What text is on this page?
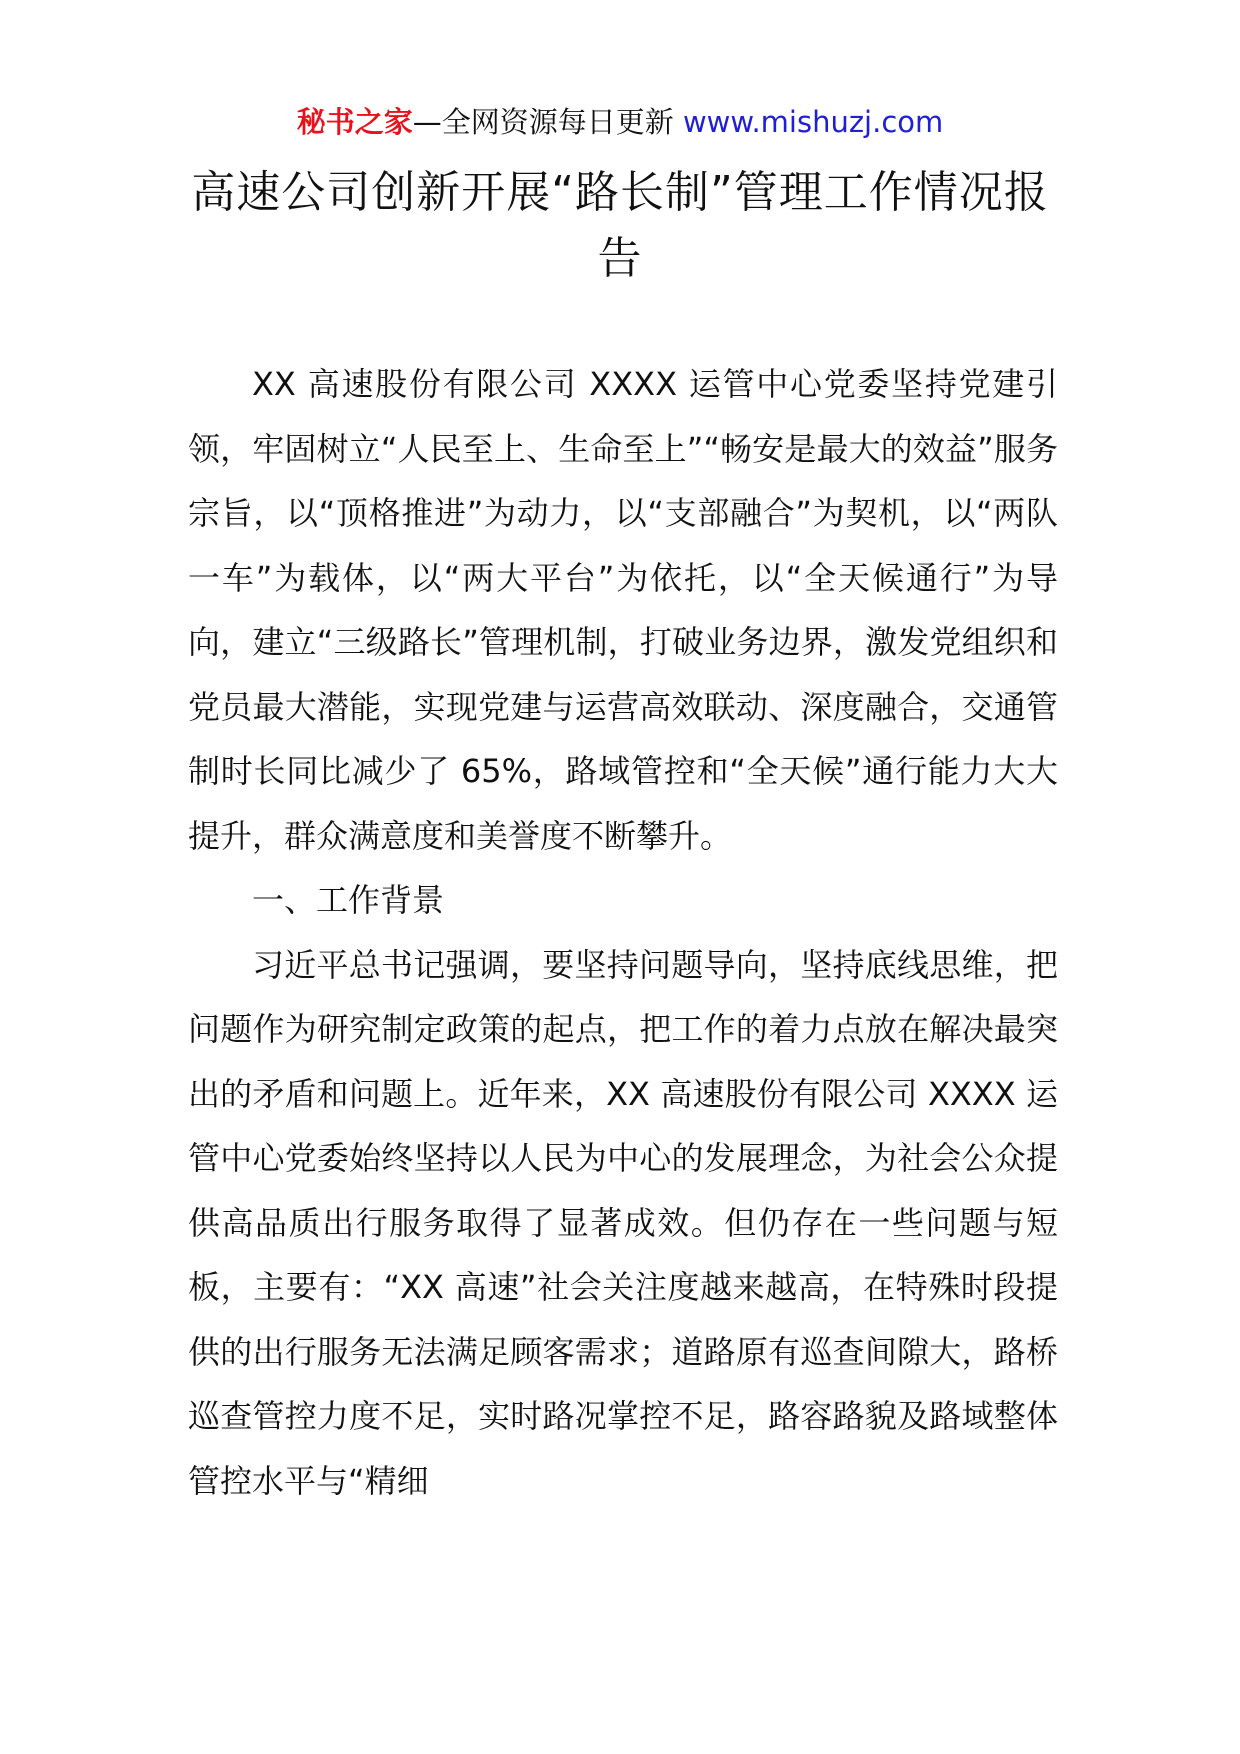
秘书之家—全网资源每日更新 www.mishuzj.com
高速公司创新开展“路长制”管理工作情况报告

XX 高速股份有限公司 XXXX 运管中心党委坚持党建引领，牢固树立“人民至上、生命至上”“畅安是最大的效益”服务宗旨，以“顶格推进”为动力，以“支部融合”为契机，以“两队一车”为载体，以“两大平台”为依托，以“全天候通行”为导向，建立“三级路长”管理机制，打破业务边界，激发党组织和党员最大潜能，实现党建与运营高效联动、深度融合，交通管制时长同比减少了 65%，路域管控和“全天候”通行能力大大提升，群众满意度和美誉度不断攀升。

一、工作背景

习近平总书记强调，要坚持问题导向，坚持底线思维，把问题作为研究制定政策的起点，把工作的着力点放在解决最突出的矛盾和问题上。近年来，XX 高速股份有限公司 XXXX 运管中心党委始终坚持以人民为中心的发展理念，为社会公众提供高品质出行服务取得了显著成效。但仍存在一些问题与短板，主要有：“XX 高速”社会关注度越来越高，在特殊时段提供的出行服务无法满足顾客需求；道路原有巡查间隙大，路桥巡查管控力度不足，实时路况掌控不足，路容路貌及路域整体管控水平与“精细
